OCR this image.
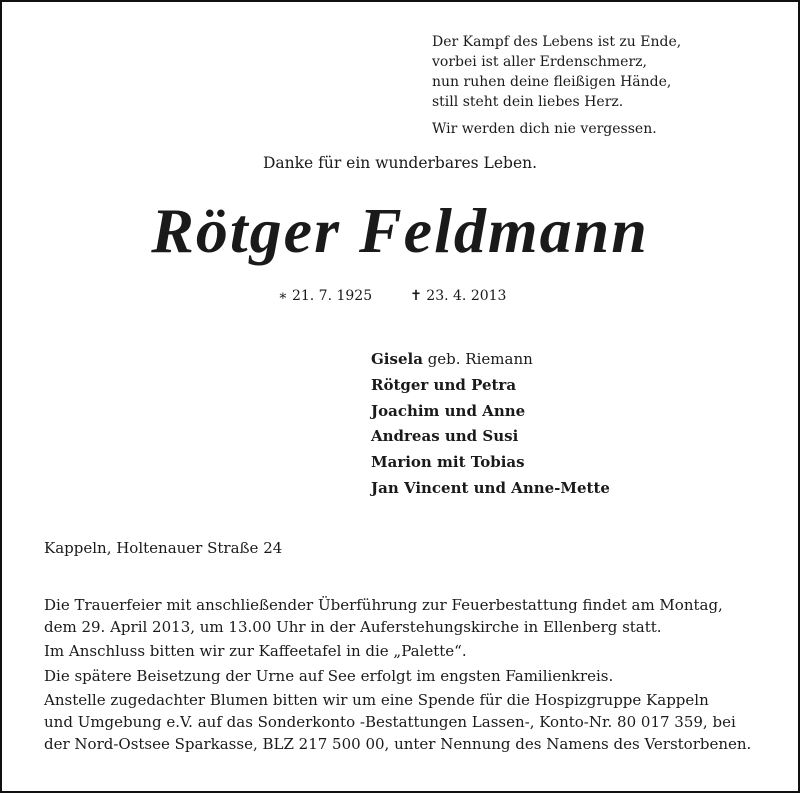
Der Kampf des Lebens ist zu Ende,
vorbei ist aller Erdenschmerz,
nun ruhen deine fleißigen Hände,
still steht dein liebes Herz.
Wir werden dich nie vergessen.
Danke für ein wunderbares Leben.
Rötger Feldmann
∗ 21. 7. 1925	✝ 23. 4. 2013
Gisela geb. Riemann
Rötger und Petra
Joachim und Anne
Andreas und Susi
Marion mit Tobias
Jan Vincent und Anne-Mette
Kappeln, Holtenauer Straße 24

Die Trauerfeier mit anschließender Überführung zur Feuerbestattung findet am Montag,

dem 29. April 2013, um 13.00 Uhr in der Auferstehungskirche in Ellenberg statt.

Im Anschluss bitten wir zur Kaffeetafel in die „Palette“.

Die spätere Beisetzung der Urne auf See erfolgt im engsten Familienkreis.

Anstelle zugedachter Blumen bitten wir um eine Spende für die Hospizgruppe Kappeln

und Umgebung e.V. auf das Sonderkonto -Bestattungen Lassen-, Konto-Nr. 80 017 359, bei

der Nord-Ostsee Sparkasse, BLZ 217 500 00, unter Nennung des Namens des Verstorbenen.
